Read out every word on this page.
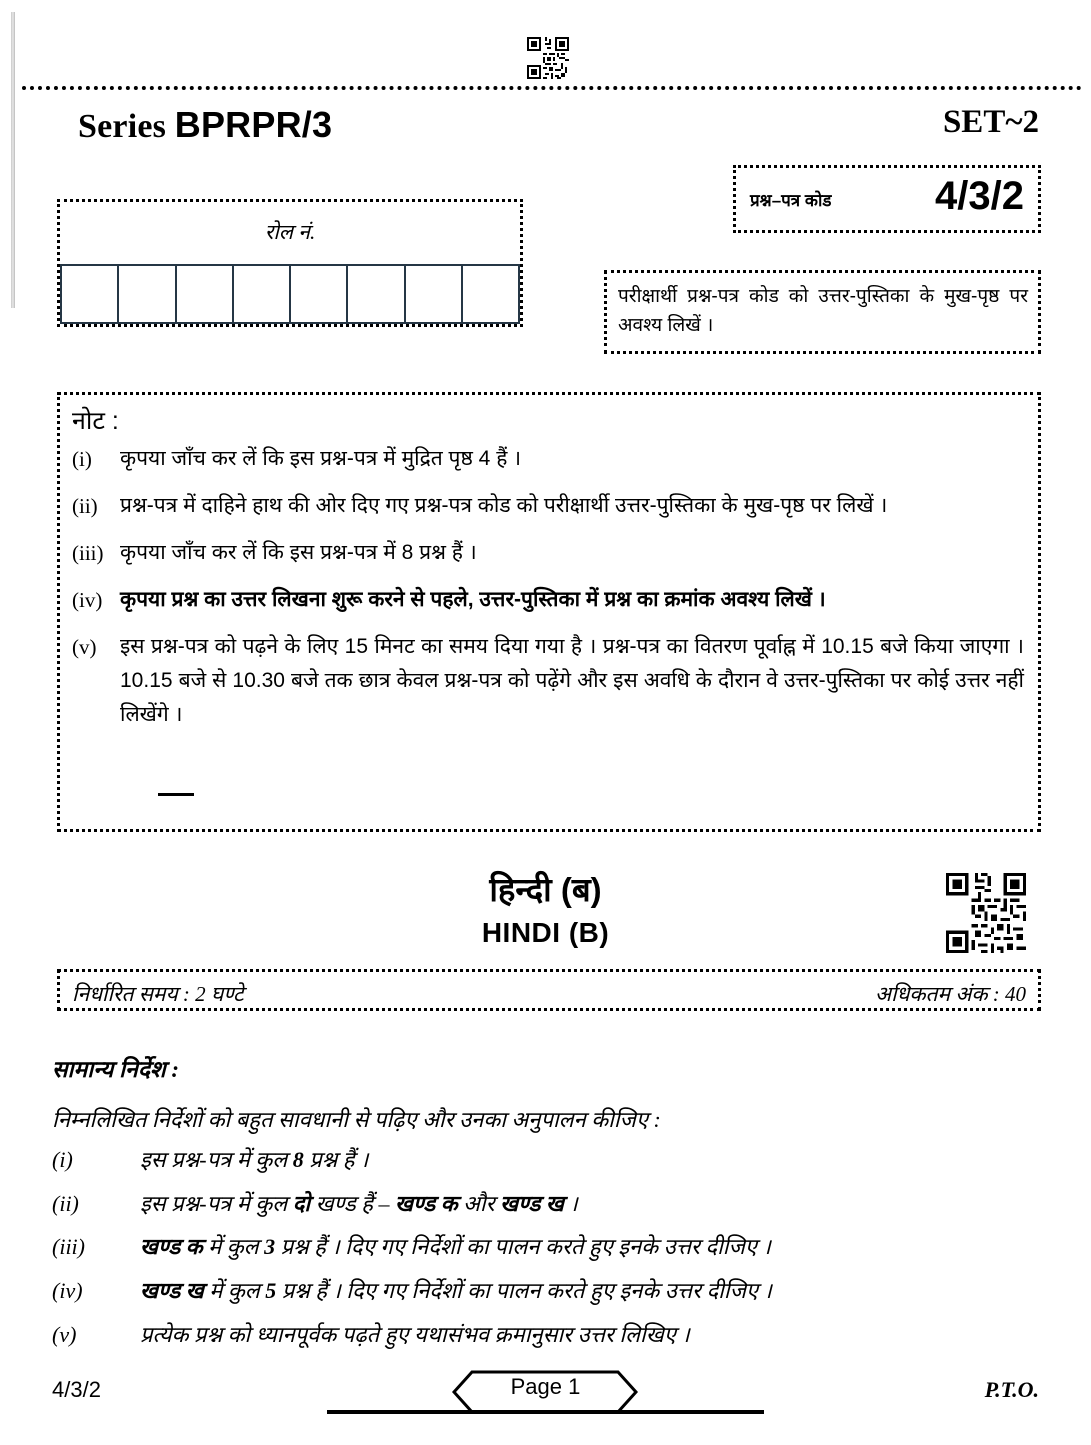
Series BPRPR/3	SET~2
प्रश्न–पत्र कोड	4/3/2
रोल नं.

परीक्षार्थी प्रश्न-पत्र कोड को उत्तर-पुस्तिका के मुख-पृष्ठ पर अवश्य लिखें ।

नोट :
(i)	कृपया जाँच कर लें कि इस प्रश्न-पत्र में मुद्रित पृष्ठ 4 हैं ।
(ii)	प्रश्न-पत्र में दाहिने हाथ की ओर दिए गए प्रश्न-पत्र कोड को परीक्षार्थी उत्तर-पुस्तिका के मुख-पृष्ठ पर लिखें ।
(iii) कृपया जाँच कर लें कि इस प्रश्न-पत्र में 8 प्रश्न हैं ।
(iv) कृपया प्रश्न का उत्तर लिखना शुरू करने से पहले, उत्तर-पुस्तिका में प्रश्न का क्रमांक अवश्य लिखें ।
(v)	इस प्रश्न-पत्र को पढ़ने के लिए 15 मिनट का समय दिया गया है । प्रश्न-पत्र का वितरण पूर्वाह्न में 10.15 बजे किया जाएगा । 10.15 बजे से 10.30 बजे तक छात्र केवल प्रश्न-पत्र को पढ़ेंगे और इस अवधि के दौरान वे उत्तर-पुस्तिका पर कोई उत्तर नहीं लिखेंगे ।
हिन्दी (ब)
HINDI (B)
निर्धारित समय : 2 घण्टे	अधिकतम अंक : 40
सामान्य निर्देश :
निम्नलिखित निर्देशों को बहुत सावधानी से पढ़िए और उनका अनुपालन कीजिए :
(i)	इस प्रश्न-पत्र में कुल 8 प्रश्न हैं ।
(ii)	इस प्रश्न-पत्र में कुल दो खण्ड हैं – खण्ड क और खण्ड ख ।
(iii)	खण्ड क में कुल 3 प्रश्न हैं । दिए गए निर्देशों का पालन करते हुए इनके उत्तर दीजिए ।
(iv)	खण्ड ख में कुल 5 प्रश्न हैं । दिए गए निर्देशों का पालन करते हुए इनके उत्तर दीजिए ।
(v)	प्रत्येक प्रश्न को ध्यानपूर्वक पढ़ते हुए यथासंभव क्रमानुसार उत्तर लिखिए ।
4/3/2	Page 1	P.T.O.
